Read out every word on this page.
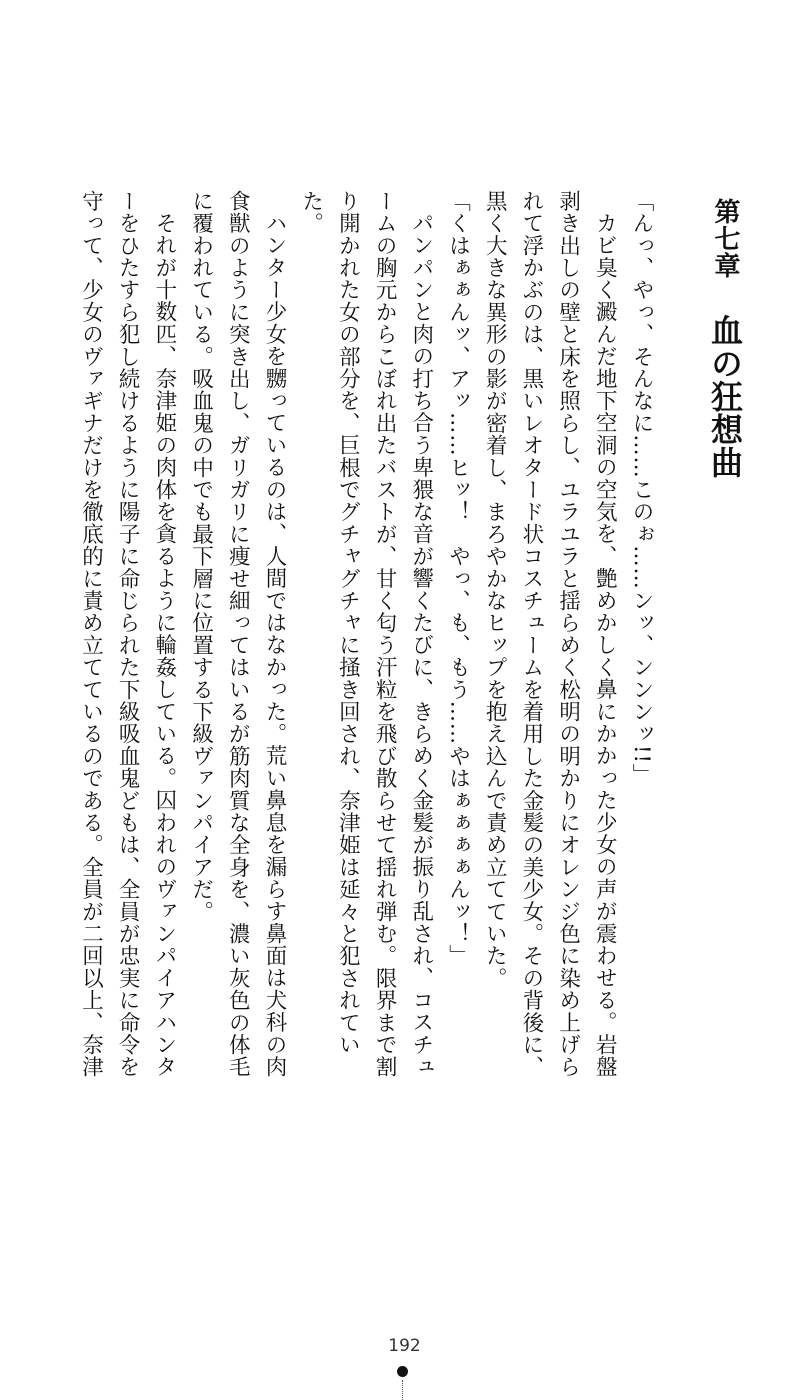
第七章 血の狂想曲

「んっ、やっ、そんなに……このぉ……ンッ、ンンンッ!!」

カビ臭く澱んだ地下空洞の空気を、艶めかしく鼻にかかった少女の声が震わせる。岩盤剥き出しの壁と床を照らし、ユラユラと揺らめく松明の明かりにオレンジ色に染め上げられて浮かぶのは、黒いレオタード状コスチュームを着用した金髪の美少女。その背後に、黒く大きな異形の影が密着し、まろやかなヒップを抱え込んで責め立てていた。

「くはぁぁんッ、アッ……ヒッ！　やっ、も、もう……やはぁぁぁぁんッ！」

パンパンと肉の打ち合う卑猥な音が響くたびに、きらめく金髪が振り乱され、コスチュームの胸元からこぼれ出たバストが、甘く匂う汗粒を飛び散らせて揺れ弾む。限界まで割り開かれた女の部分を、巨根でグチャグチャに掻き回され、奈津姫は延々と犯されていた。

ハンター少女を嬲っているのは、人間ではなかった。荒い鼻息を漏らす鼻面は犬科の肉食獣のように突き出し、ガリガリに痩せ細ってはいるが筋肉質な全身を、濃い灰色の体毛に覆われている。吸血鬼の中でも最下層に位置する下級ヴァンパイアだ。

それが十数匹、奈津姫の肉体を貪るように輪姦している。囚われのヴァンパイアハンターをひたすら犯し続けるように陽子に命じられた下級吸血鬼どもは、全員が忠実に命令を守って、少女のヴァギナだけを徹底的に責め立てているのである。全員が二回以上、奈津

192
